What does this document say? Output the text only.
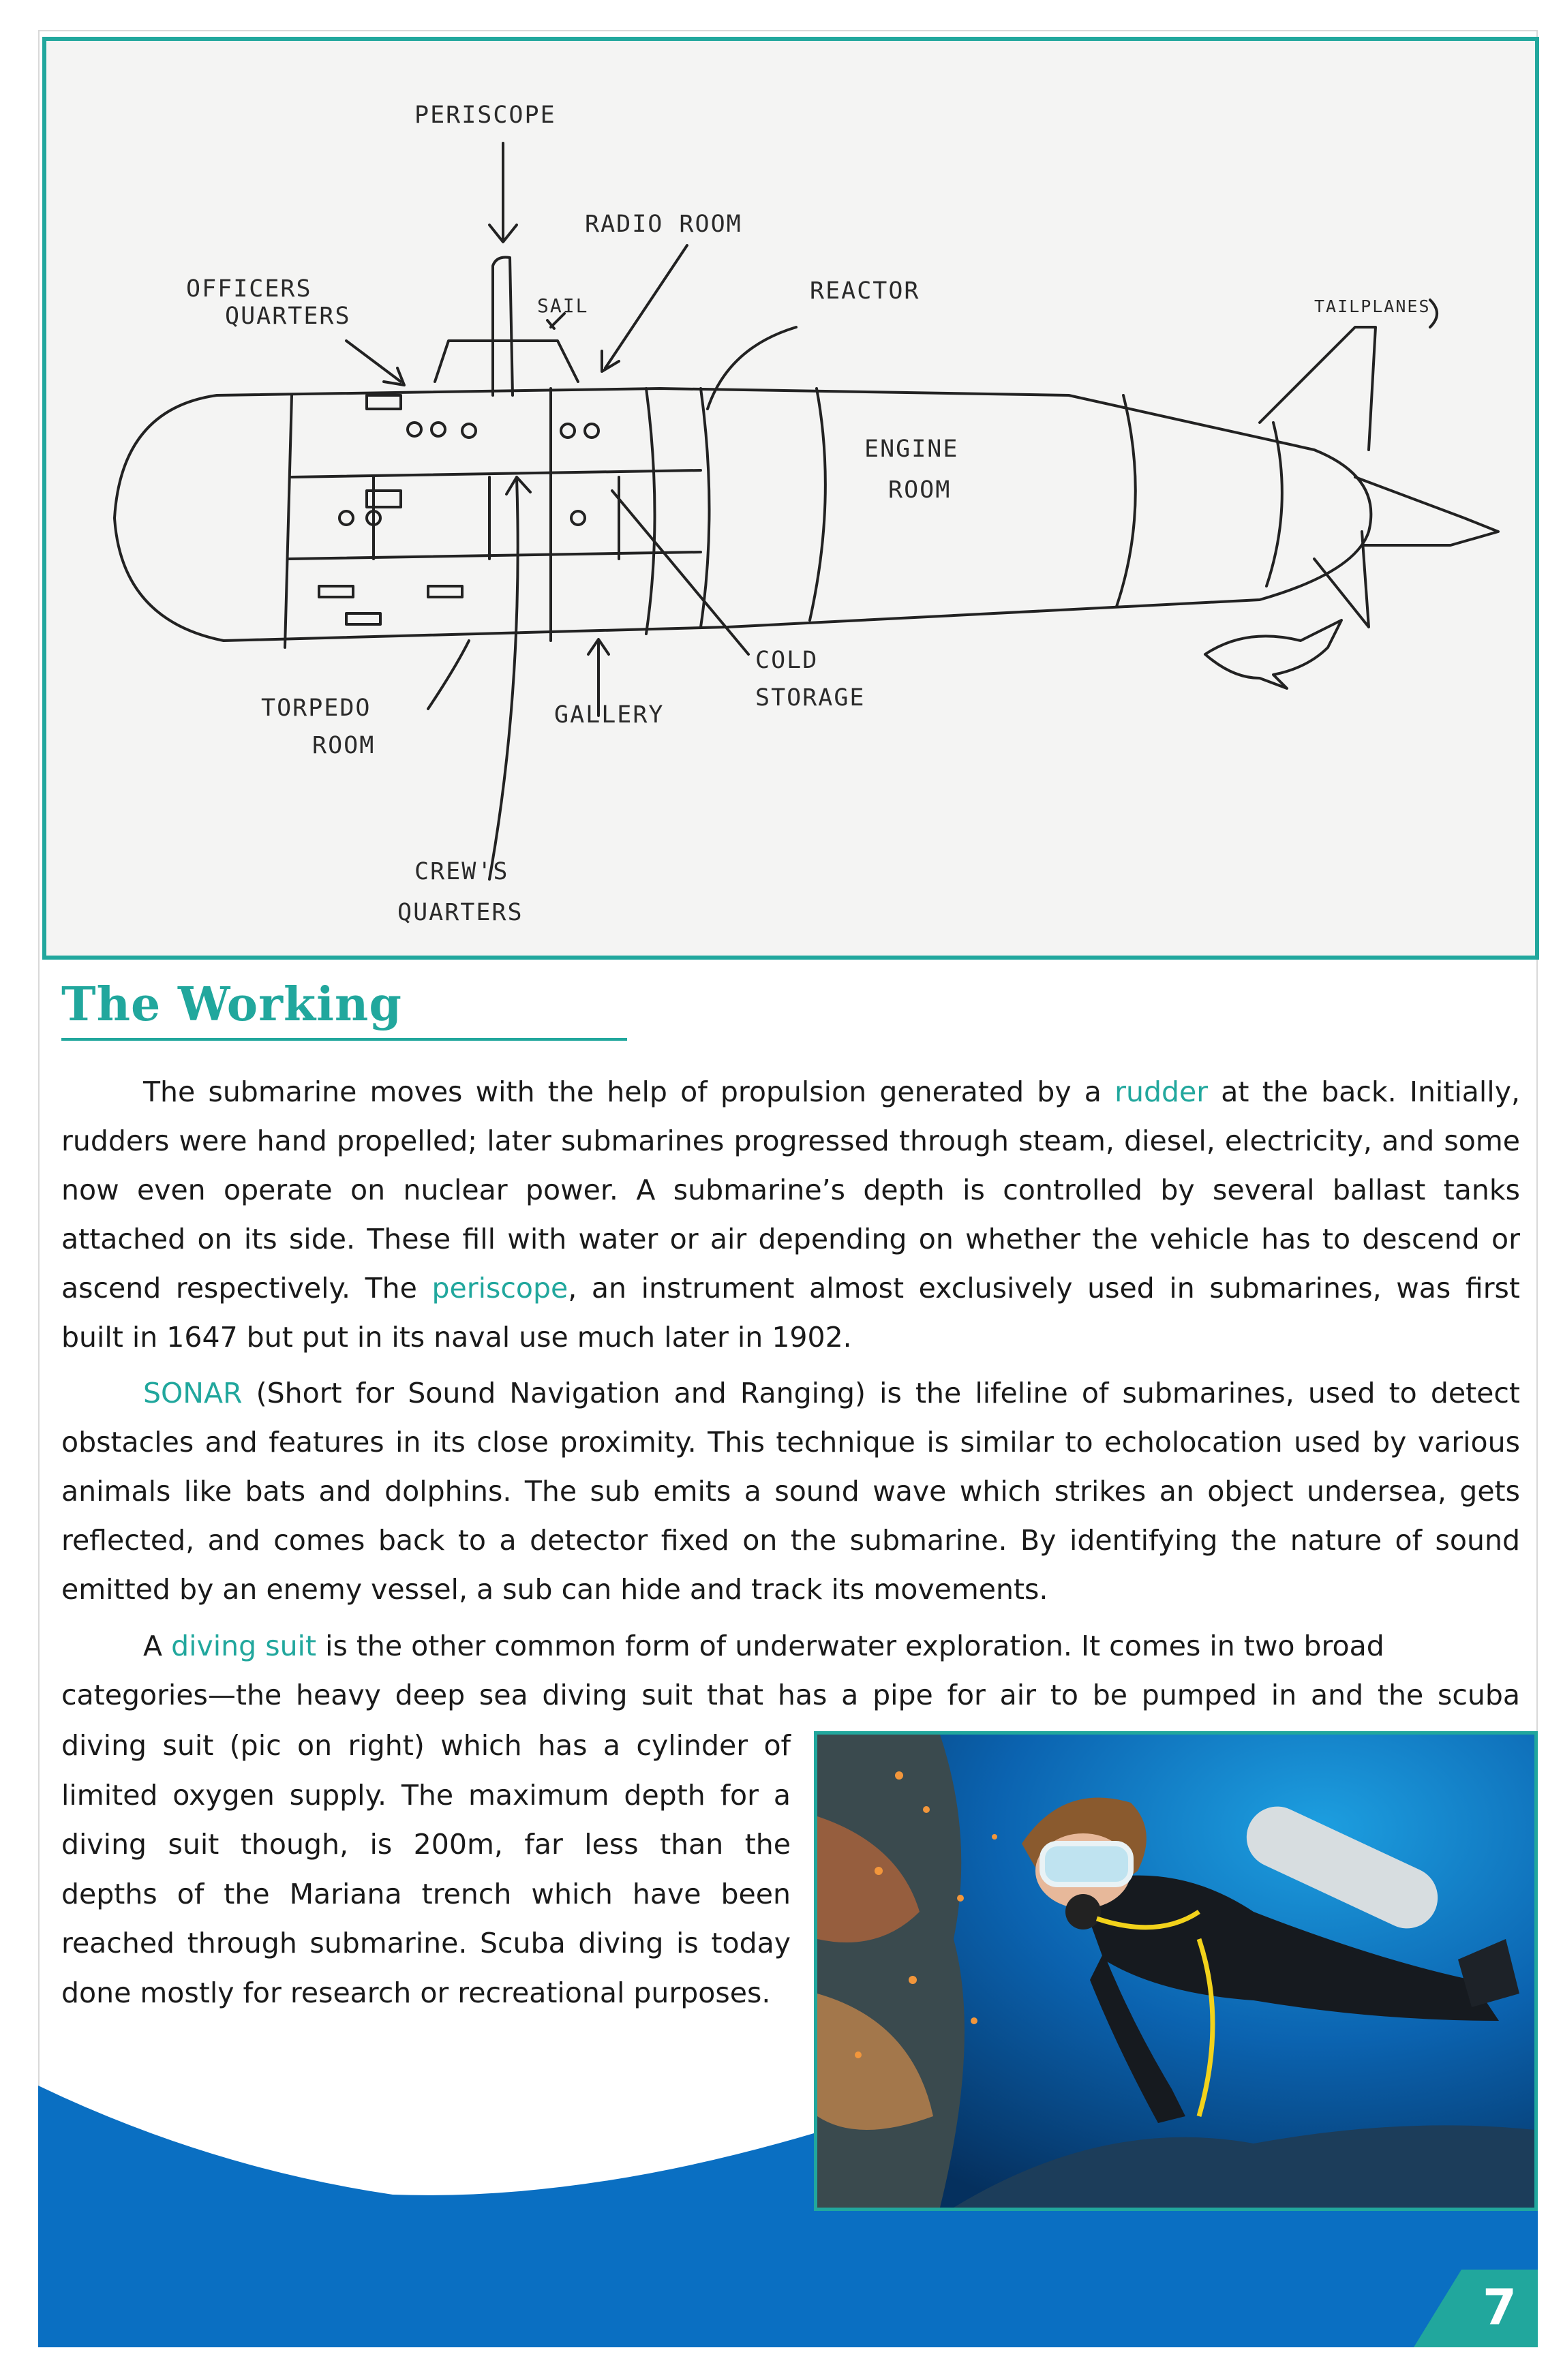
PERISCOPE
RADIO ROOM
OFFICERS
QUARTERS	SAIL
REACTOR
TAILPLANES
ENGINE
ROOM
COLD
STORAGE
TORPEDO
ROOM
GALLERY
CREW'S
QUARTERS
The Working

The submarine moves with the help of propulsion generated by a rudder at the back. Initially, rudders were hand propelled; later submarines progressed through steam, diesel, electricity, and some now even operate on nuclear power. A submarine’s depth is controlled by several ballast tanks attached on its side. These fill with water or air depending on whether the vehicle has to descend or ascend respectively. The periscope, an instrument almost exclusively used in submarines, was first built in 1647 but put in its naval use much later in 1902.

SONAR (Short for Sound Navigation and Ranging) is the lifeline of submarines, used to detect obstacles and features in its close proximity. This technique is similar to echolocation used by various animals like bats and dolphins. The sub emits a sound wave which strikes an object undersea, gets reflected, and comes back to a detector fixed on the submarine. By identifying the nature of sound emitted by an enemy vessel, a sub can hide and track its movements.

A diving suit is the other common form of underwater exploration. It comes in two broad

categories—the heavy deep sea diving suit that has a pipe for air to be pumped in and the scuba

diving suit (pic on right) which has a cylinder of limited oxygen supply. The maximum depth for a diving suit though, is 200m, far less than the depths of the Mariana trench which have been reached through submarine. Scuba diving is today done mostly for research or recreational purposes.

7
